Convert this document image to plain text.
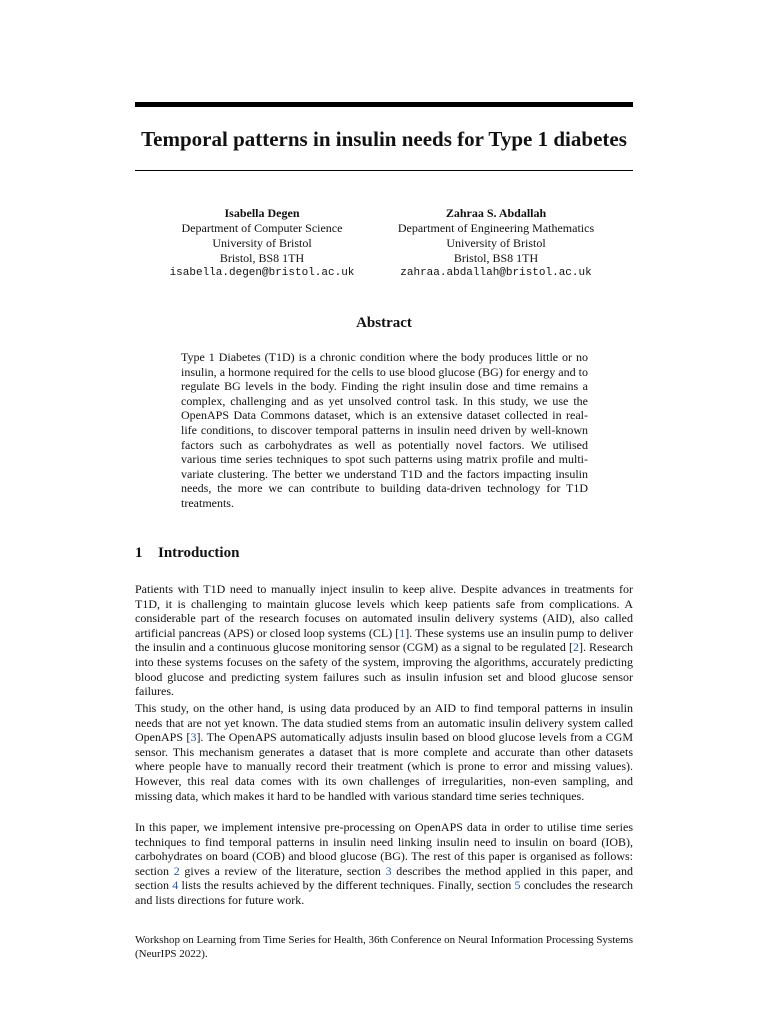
Temporal patterns in insulin needs for Type 1 diabetes
Isabella Degen
Department of Computer Science
University of Bristol
Bristol, BS8 1TH
isabella.degen@bristol.ac.uk
Zahraa S. Abdallah
Department of Engineering Mathematics
University of Bristol
Bristol, BS8 1TH
zahraa.abdallah@bristol.ac.uk
Abstract

Type 1 Diabetes (T1D) is a chronic condition where the body produces little or no insulin, a hormone required for the cells to use blood glucose (BG) for energy and to regulate BG levels in the body. Finding the right insulin dose and time remains a complex, challenging and as yet unsolved control task. In this study, we use the OpenAPS Data Commons dataset, which is an extensive dataset collected in real-life conditions, to discover temporal patterns in insulin need driven by well-known factors such as carbohydrates as well as potentially novel factors. We utilised various time series techniques to spot such patterns using matrix profile and multi-variate clustering. The better we understand T1D and the factors impacting insulin needs, the more we can contribute to building data-driven technology for T1D treatments.

1 Introduction

Patients with T1D need to manually inject insulin to keep alive. Despite advances in treatments for T1D, it is challenging to maintain glucose levels which keep patients safe from complications. A considerable part of the research focuses on automated insulin delivery systems (AID), also called artificial pancreas (APS) or closed loop systems (CL) [1]. These systems use an insulin pump to deliver the insulin and a continuous glucose monitoring sensor (CGM) as a signal to be regulated [2]. Research into these systems focuses on the safety of the system, improving the algorithms, accurately predicting blood glucose and predicting system failures such as insulin infusion set and blood glucose sensor failures.

This study, on the other hand, is using data produced by an AID to find temporal patterns in insulin needs that are not yet known. The data studied stems from an automatic insulin delivery system called OpenAPS [3]. The OpenAPS automatically adjusts insulin based on blood glucose levels from a CGM sensor. This mechanism generates a dataset that is more complete and accurate than other datasets where people have to manually record their treatment (which is prone to error and missing values). However, this real data comes with its own challenges of irregularities, non-even sampling, and missing data, which makes it hard to be handled with various standard time series techniques.

In this paper, we implement intensive pre-processing on OpenAPS data in order to utilise time series techniques to find temporal patterns in insulin need linking insulin need to insulin on board (IOB), carbohydrates on board (COB) and blood glucose (BG). The rest of this paper is organised as follows: section 2 gives a review of the literature, section 3 describes the method applied in this paper, and section 4 lists the results achieved by the different techniques. Finally, section 5 concludes the research and lists directions for future work.

Workshop on Learning from Time Series for Health, 36th Conference on Neural Information Processing Systems (NeurIPS 2022).
